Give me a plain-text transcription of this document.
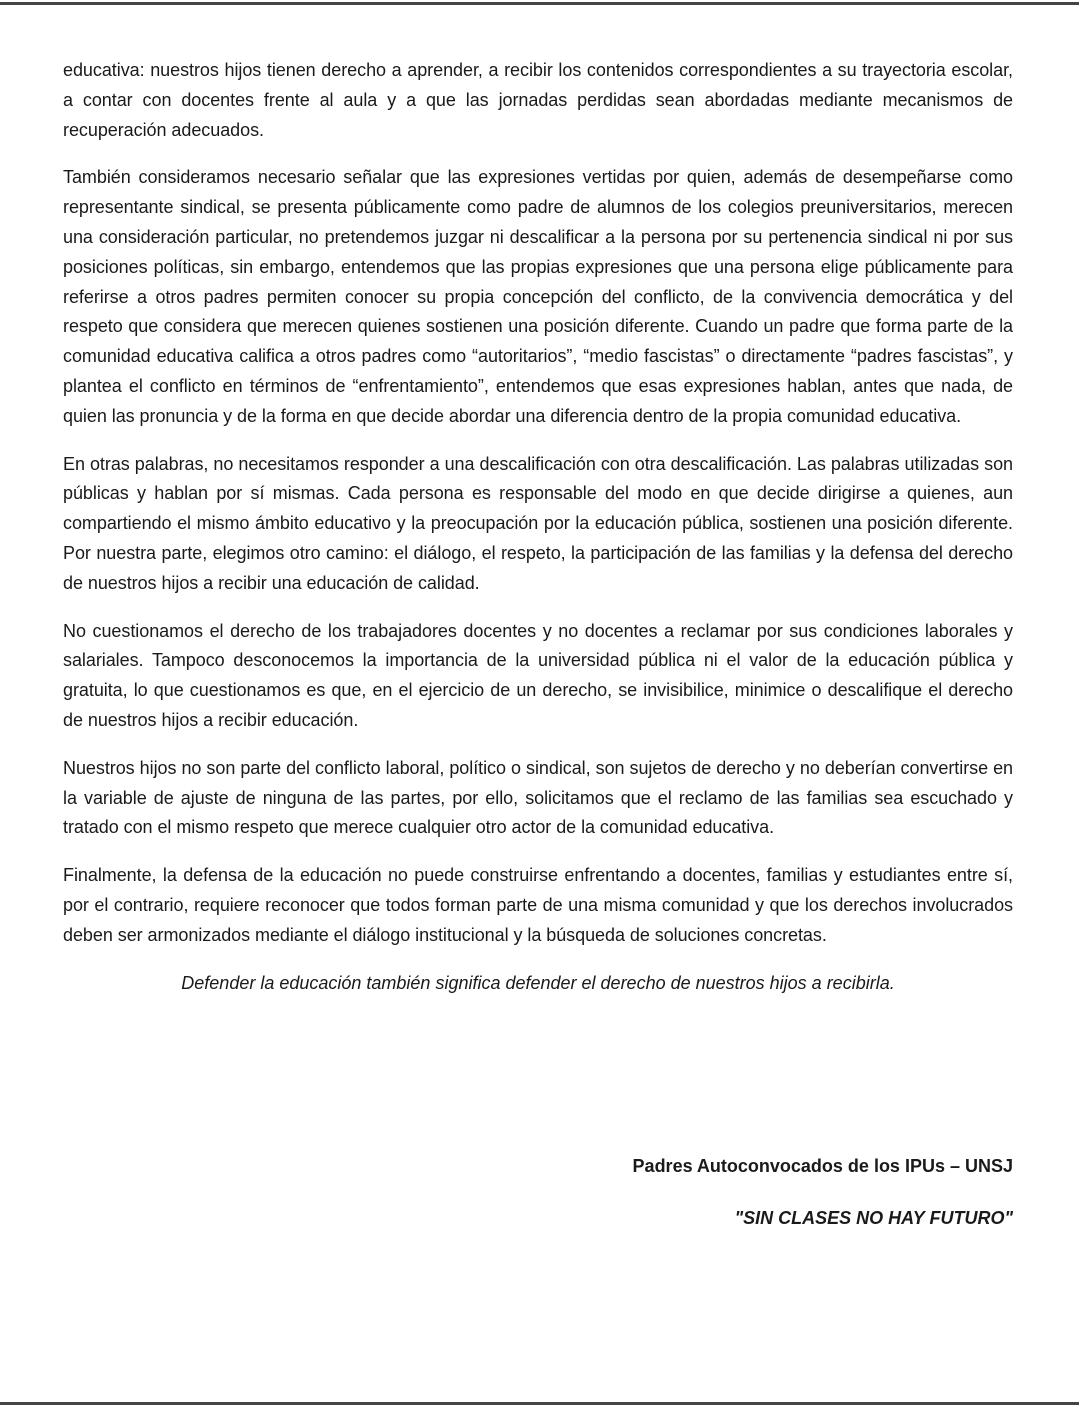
educativa: nuestros hijos tienen derecho a aprender, a recibir los contenidos correspondientes a su trayectoria escolar, a contar con docentes frente al aula y a que las jornadas perdidas sean abordadas mediante mecanismos de recuperación adecuados.

También consideramos necesario señalar que las expresiones vertidas por quien, además de desempeñarse como representante sindical, se presenta públicamente como padre de alumnos de los colegios preuniversitarios, merecen una consideración particular, no pretendemos juzgar ni descalificar a la persona por su pertenencia sindical ni por sus posiciones políticas, sin embargo, entendemos que las propias expresiones que una persona elige públicamente para referirse a otros padres permiten conocer su propia concepción del conflicto, de la convivencia democrática y del respeto que considera que merecen quienes sostienen una posición diferente. Cuando un padre que forma parte de la comunidad educativa califica a otros padres como “autoritarios”, “medio fascistas” o directamente “padres fascistas”, y plantea el conflicto en términos de “enfrentamiento”, entendemos que esas expresiones hablan, antes que nada, de quien las pronuncia y de la forma en que decide abordar una diferencia dentro de la propia comunidad educativa.

En otras palabras, no necesitamos responder a una descalificación con otra descalificación. Las palabras utilizadas son públicas y hablan por sí mismas. Cada persona es responsable del modo en que decide dirigirse a quienes, aun compartiendo el mismo ámbito educativo y la preocupación por la educación pública, sostienen una posición diferente. Por nuestra parte, elegimos otro camino: el diálogo, el respeto, la participación de las familias y la defensa del derecho de nuestros hijos a recibir una educación de calidad.

No cuestionamos el derecho de los trabajadores docentes y no docentes a reclamar por sus condiciones laborales y salariales. Tampoco desconocemos la importancia de la universidad pública ni el valor de la educación pública y gratuita, lo que cuestionamos es que, en el ejercicio de un derecho, se invisibilice, minimice o descalifique el derecho de nuestros hijos a recibir educación.

Nuestros hijos no son parte del conflicto laboral, político o sindical, son sujetos de derecho y no deberían convertirse en la variable de ajuste de ninguna de las partes, por ello, solicitamos que el reclamo de las familias sea escuchado y tratado con el mismo respeto que merece cualquier otro actor de la comunidad educativa.

Finalmente, la defensa de la educación no puede construirse enfrentando a docentes, familias y estudiantes entre sí, por el contrario, requiere reconocer que todos forman parte de una misma comunidad y que los derechos involucrados deben ser armonizados mediante el diálogo institucional y la búsqueda de soluciones concretas.

Defender la educación también significa defender el derecho de nuestros hijos a recibirla.

Padres Autoconvocados de los IPUs – UNSJ

"SIN CLASES NO HAY FUTURO"
